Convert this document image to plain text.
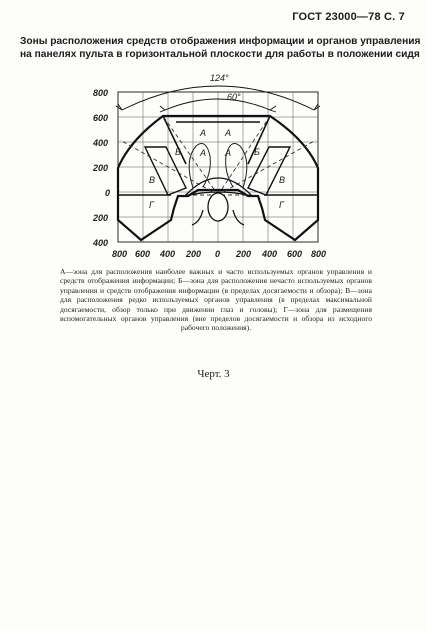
ГОСТ 23000—78 С. 7
Зоны расположения средств отображения информации и органов управления
на панелях пульта в горизонтальной плоскости для работы в положении сидя
124°
60°
800
600
400
200
0
200
400
800 600 400 200 0 200 400 600 800
А А
А А
Б	Б
В	В
Г	Г
А—зона для расположения наиболее важных и часто используемых органов управления и средств отображения информации; Б—зона для расположения нечасто используемых органов управления и средств отображения информации (в пределах досягаемости и обзора); В—зона для расположения редко используемых органов управления (в пределах максимальной досягаемости, обзор только при движении глаз и головы); Г—зона для размещения вспомогательных органов управления (вне пределов досягаемости и обзора из исходного рабочего положения).
Черт. 3
